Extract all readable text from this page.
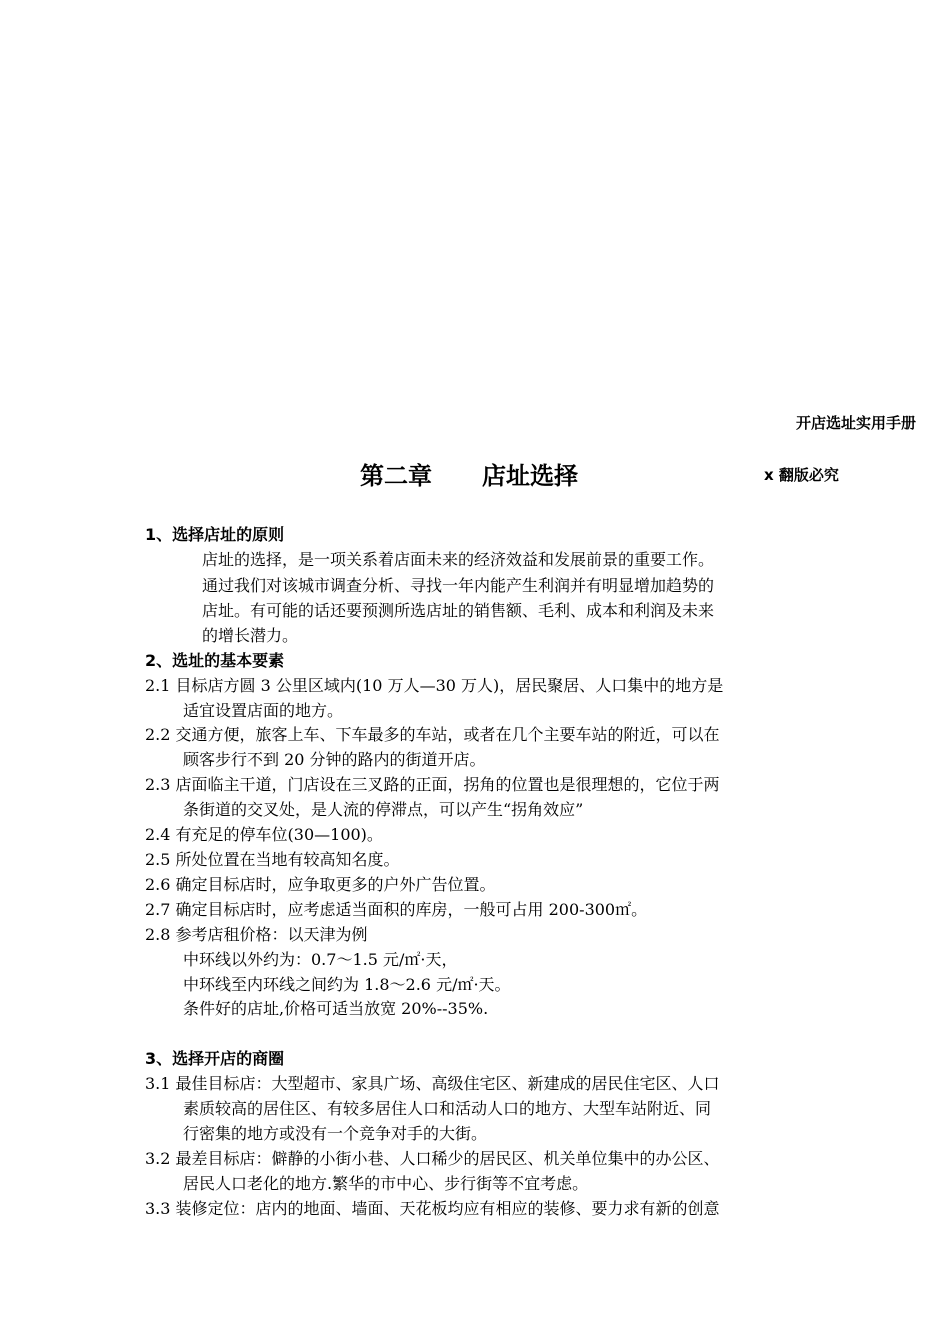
开店选址实用手册
第二章 店址选择	x 翻版必究
1、选择店址的原则
店址的选择，是一项关系着店面未来的经济效益和发展前景的重要工作。
通过我们对该城市调查分析、寻找一年内能产生利润并有明显增加趋势的
店址。有可能的话还要预测所选店址的销售额、毛利、成本和利润及未来
的增长潜力。
2、选址的基本要素
2.1 目标店方圆 3 公里区域内(10 万人—30 万人)，居民聚居、人口集中的地方是
适宜设置店面的地方。
2.2 交通方便，旅客上车、下车最多的车站，或者在几个主要车站的附近，可以在
顾客步行不到 20 分钟的路内的街道开店。
2.3 店面临主干道，门店设在三叉路的正面，拐角的位置也是很理想的，它位于两
条街道的交叉处，是人流的停滞点，可以产生“拐角效应”
2.4 有充足的停车位(30—100)。
2.5 所处位置在当地有较高知名度。
2.6 确定目标店时，应争取更多的户外广告位置。
2.7 确定目标店时，应考虑适当面积的库房，一般可占用 200-300㎡。
2.8 参考店租价格：以天津为例
中环线以外约为：0.7～1.5 元/㎡·天，
中环线至内环线之间约为 1.8～2.6 元/㎡·天。
条件好的店址,价格可适当放宽 20%--35%.
3、选择开店的商圈
3.1 最佳目标店：大型超市、家具广场、高级住宅区、新建成的居民住宅区、人口
素质较高的居住区、有较多居住人口和活动人口的地方、大型车站附近、同
行密集的地方或没有一个竞争对手的大街。
3.2 最差目标店：僻静的小街小巷、人口稀少的居民区、机关单位集中的办公区、
居民人口老化的地方.繁华的市中心、步行街等不宜考虑。
3.3 装修定位：店内的地面、墙面、天花板均应有相应的装修、要力求有新的创意
